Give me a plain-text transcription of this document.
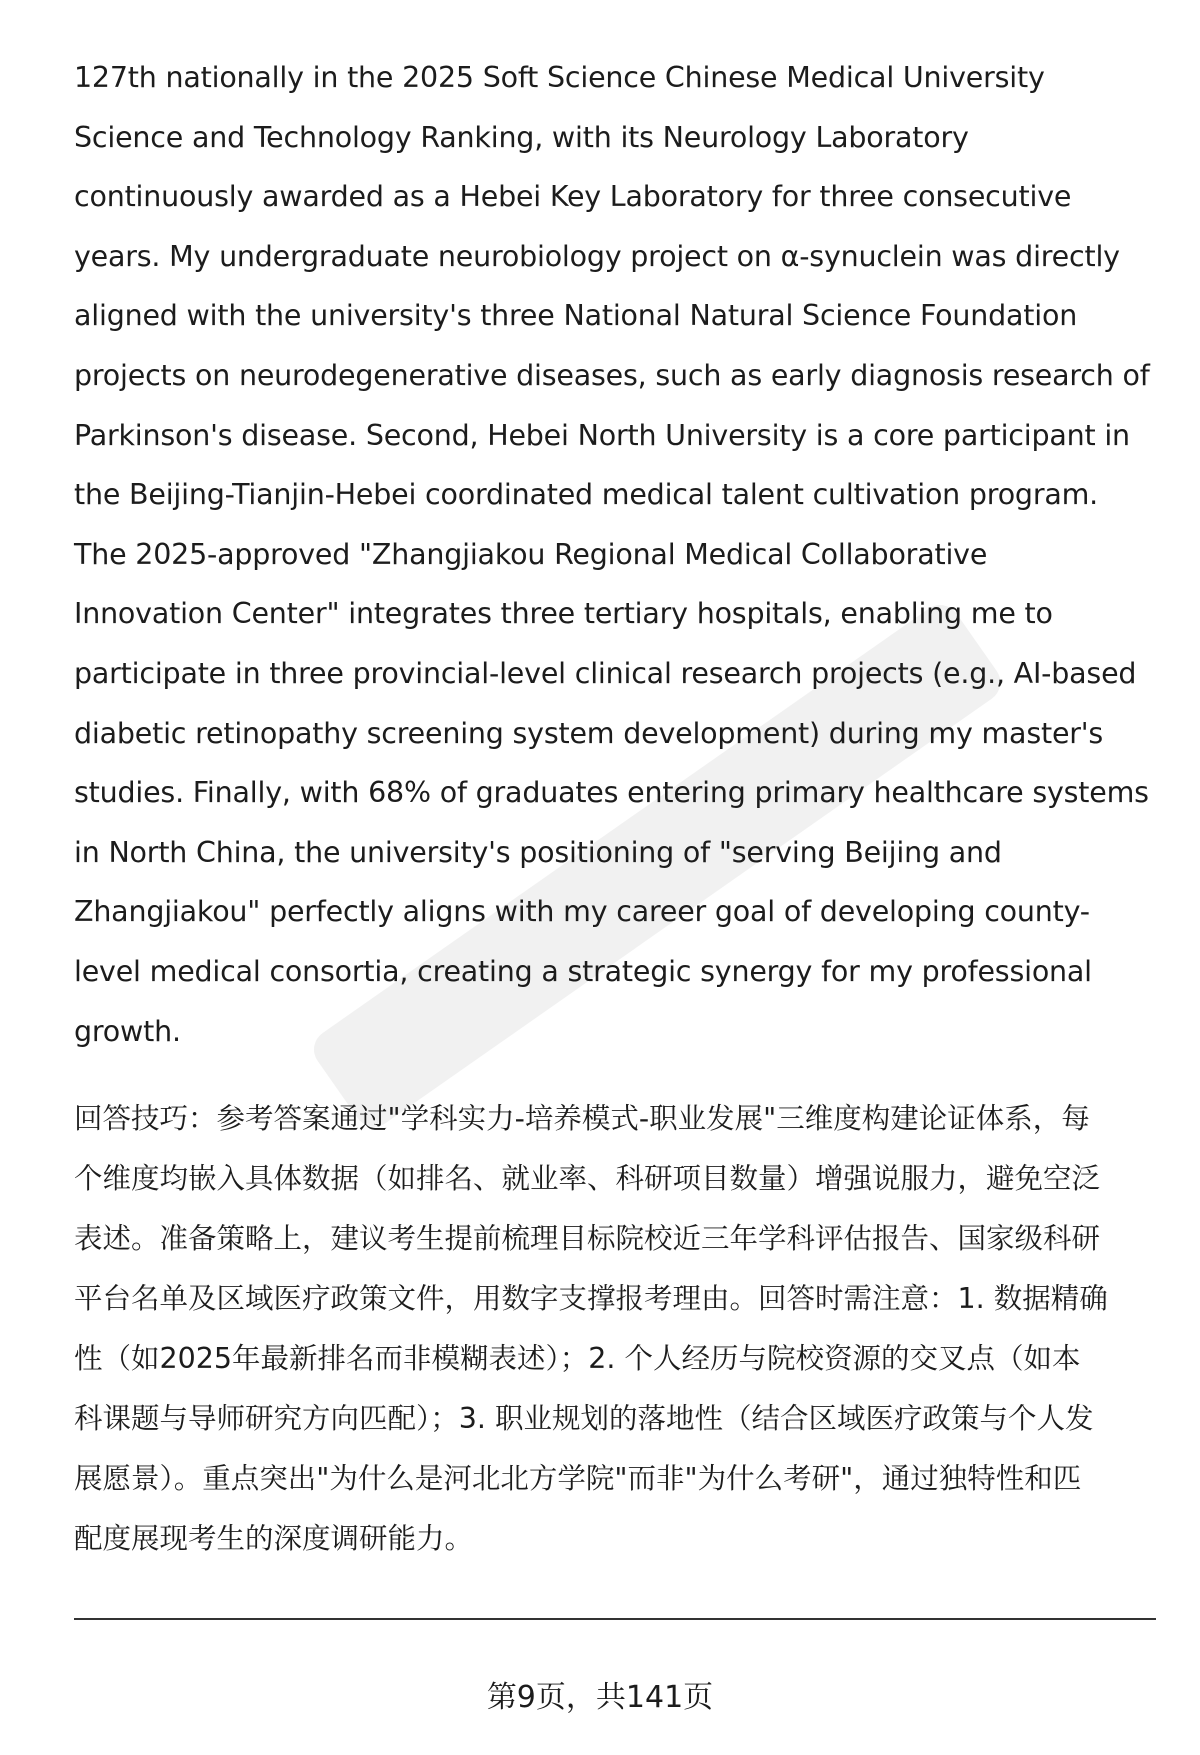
127th nationally in the 2025 Soft Science Chinese Medical University
Science and Technology Ranking, with its Neurology Laboratory
continuously awarded as a Hebei Key Laboratory for three consecutive
years. My undergraduate neurobiology project on α-synuclein was directly
aligned with the university's three National Natural Science Foundation
projects on neurodegenerative diseases, such as early diagnosis research of
Parkinson's disease. Second, Hebei North University is a core participant in
the Beijing-Tianjin-Hebei coordinated medical talent cultivation program.
The 2025-approved "Zhangjiakou Regional Medical Collaborative
Innovation Center" integrates three tertiary hospitals, enabling me to
participate in three provincial-level clinical research projects (e.g., AI-based
diabetic retinopathy screening system development) during my master's
studies. Finally, with 68% of graduates entering primary healthcare systems
in North China, the university's positioning of "serving Beijing and
Zhangjiakou" perfectly aligns with my career goal of developing county-
level medical consortia, creating a strategic synergy for my professional
growth.

回答技巧：参考答案通过"学科实力-培养模式-职业发展"三维度构建论证体系，每
个维度均嵌入具体数据（如排名、就业率、科研项目数量）增强说服力，避免空泛
表述。准备策略上，建议考生提前梳理目标院校近三年学科评估报告、国家级科研
平台名单及区域医疗政策文件，用数字支撑报考理由。回答时需注意：1. 数据精确
性（如2025年最新排名而非模糊表述）；2. 个人经历与院校资源的交叉点（如本
科课题与导师研究方向匹配）；3. 职业规划的落地性（结合区域医疗政策与个人发
展愿景）。重点突出"为什么是河北北方学院"而非"为什么考研"，通过独特性和匹
配度展现考生的深度调研能力。

第9页，共141页
